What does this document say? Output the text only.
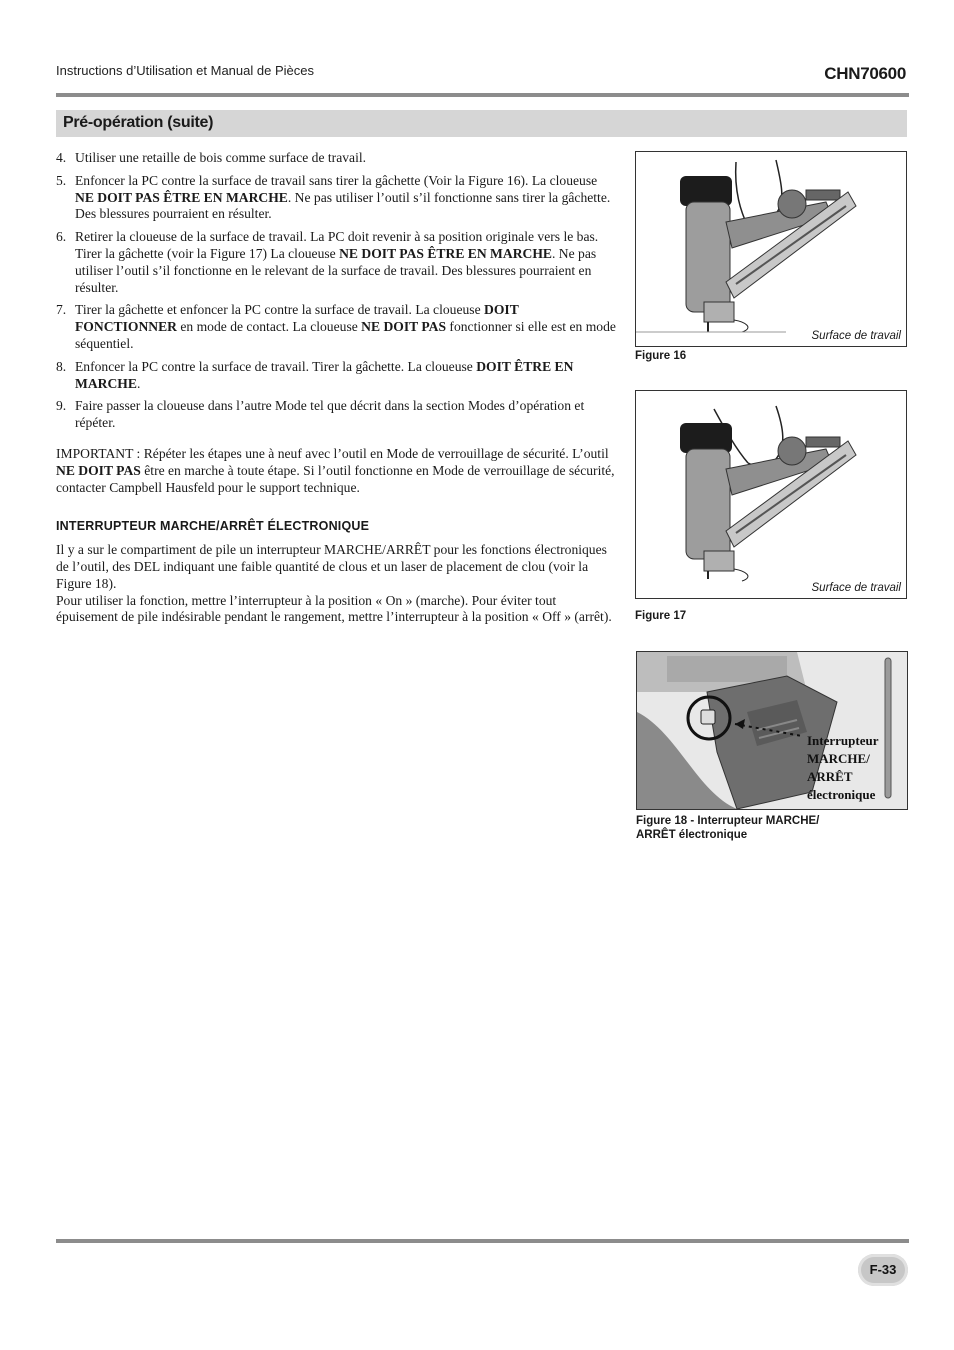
Instructions d’Utilisation et Manual de Pièces	CHN70600
Pré-opération (suite)
4. Utiliser une retaille de bois comme surface de travail.
5. Enfoncer la PC contre la surface de travail sans tirer la gâchette (Voir la Figure 16). La cloueuse NE DOIT PAS ÊTRE EN MARCHE. Ne pas utiliser l’outil s’il fonctionne sans tirer la gâchette. Des blessures pourraient en résulter.
6. Retirer la cloueuse de la surface de travail. La PC doit revenir à sa position originale vers le bas. Tirer la gâchette (voir la Figure 17) La cloueuse NE DOIT PAS ÊTRE EN MARCHE. Ne pas utiliser l’outil s’il fonctionne en le relevant de la surface de travail. Des blessures pourraient en résulter.
7. Tirer la gâchette et enfoncer la PC contre la surface de travail. La cloueuse DOIT FONCTIONNER en mode de contact. La cloueuse NE DOIT PAS fonctionner si elle est en mode séquentiel.
8. Enfoncer la PC contre la surface de travail. Tirer la gâchette. La cloueuse DOIT ÊTRE EN MARCHE.
9. Faire passer la cloueuse dans l’autre Mode tel que décrit dans la section Modes d’opération et répéter.

IMPORTANT : Répéter les étapes une à neuf avec l’outil en Mode de verrouillage de sécurité. L’outil NE DOIT PAS être en marche à toute étape. Si l’outil fonctionne en Mode de verrouillage de sécurité, contacter Campbell Hausfeld pour le support technique.

INTERRUPTEUR MARCHE/ARRÊT ÉLECTRONIQUE

Il y a sur le compartiment de pile un interrupteur MARCHE/ARRÊT pour les fonctions électroniques de l’outil, des DEL indiquant une faible quantité de clous et un laser de placement de clou (voir la Figure 18).

Pour utiliser la fonction, mettre l’interrupteur à la position « On » (marche). Pour éviter tout épuisement de pile indésirable pendant le rangement, mettre l’interrupteur à la position « Off » (arrêt).

Surface de travail
Figure 16
Surface de travail
Figure 17
Interrupteur
MARCHE/
ARRÊT
électronique
Figure 18 - Interrupteur MARCHE/
ARRÊT électronique
F-33
